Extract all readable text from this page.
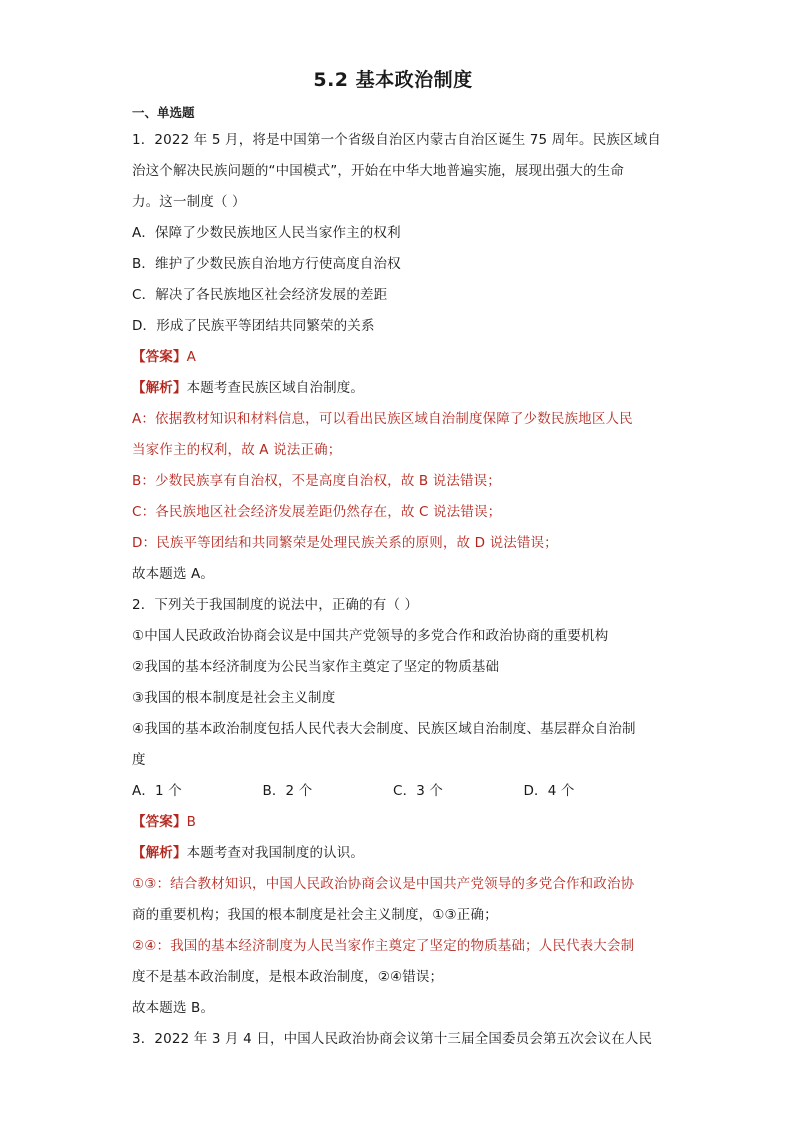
5.2 基本政治制度
一、单选题
1．2022 年 5 月，将是中国第一个省级自治区内蒙古自治区诞生 75 周年。民族区域自
治这个解决民族问题的“中国模式”，开始在中华大地普遍实施，展现出强大的生命
力。这一制度（ ）
A．保障了少数民族地区人民当家作主的权利
B．维护了少数民族自治地方行使高度自治权
C．解决了各民族地区社会经济发展的差距
D．形成了民族平等团结共同繁荣的关系
【答案】A
【解析】本题考查民族区域自治制度。
A：依据教材知识和材料信息，可以看出民族区域自治制度保障了少数民族地区人民
当家作主的权利，故 A 说法正确；
B：少数民族享有自治权，不是高度自治权，故 B 说法错误；
C：各民族地区社会经济发展差距仍然存在，故 C 说法错误；
D：民族平等团结和共同繁荣是处理民族关系的原则，故 D 说法错误；
故本题选 A。
2．下列关于我国制度的说法中，正确的有（ ）
①中国人民政政治协商会议是中国共产党领导的多党合作和政治协商的重要机构
②我国的基本经济制度为公民当家作主奠定了坚定的物质基础
③我国的根本制度是社会主义制度
④我国的基本政治制度包括人民代表大会制度、民族区域自治制度、基层群众自治制
度
A．1 个	B．2 个	C．3 个	D．4 个
【答案】B
【解析】本题考查对我国制度的认识。
①③：结合教材知识，中国人民政治协商会议是中国共产党领导的多党合作和政治协
商的重要机构；我国的根本制度是社会主义制度，①③正确；
②④：我国的基本经济制度为人民当家作主奠定了坚定的物质基础；人民代表大会制
度不是基本政治制度，是根本政治制度，②④错误；
故本题选 B。
3．2022 年 3 月 4 日，中国人民政治协商会议第十三届全国委员会第五次会议在人民
